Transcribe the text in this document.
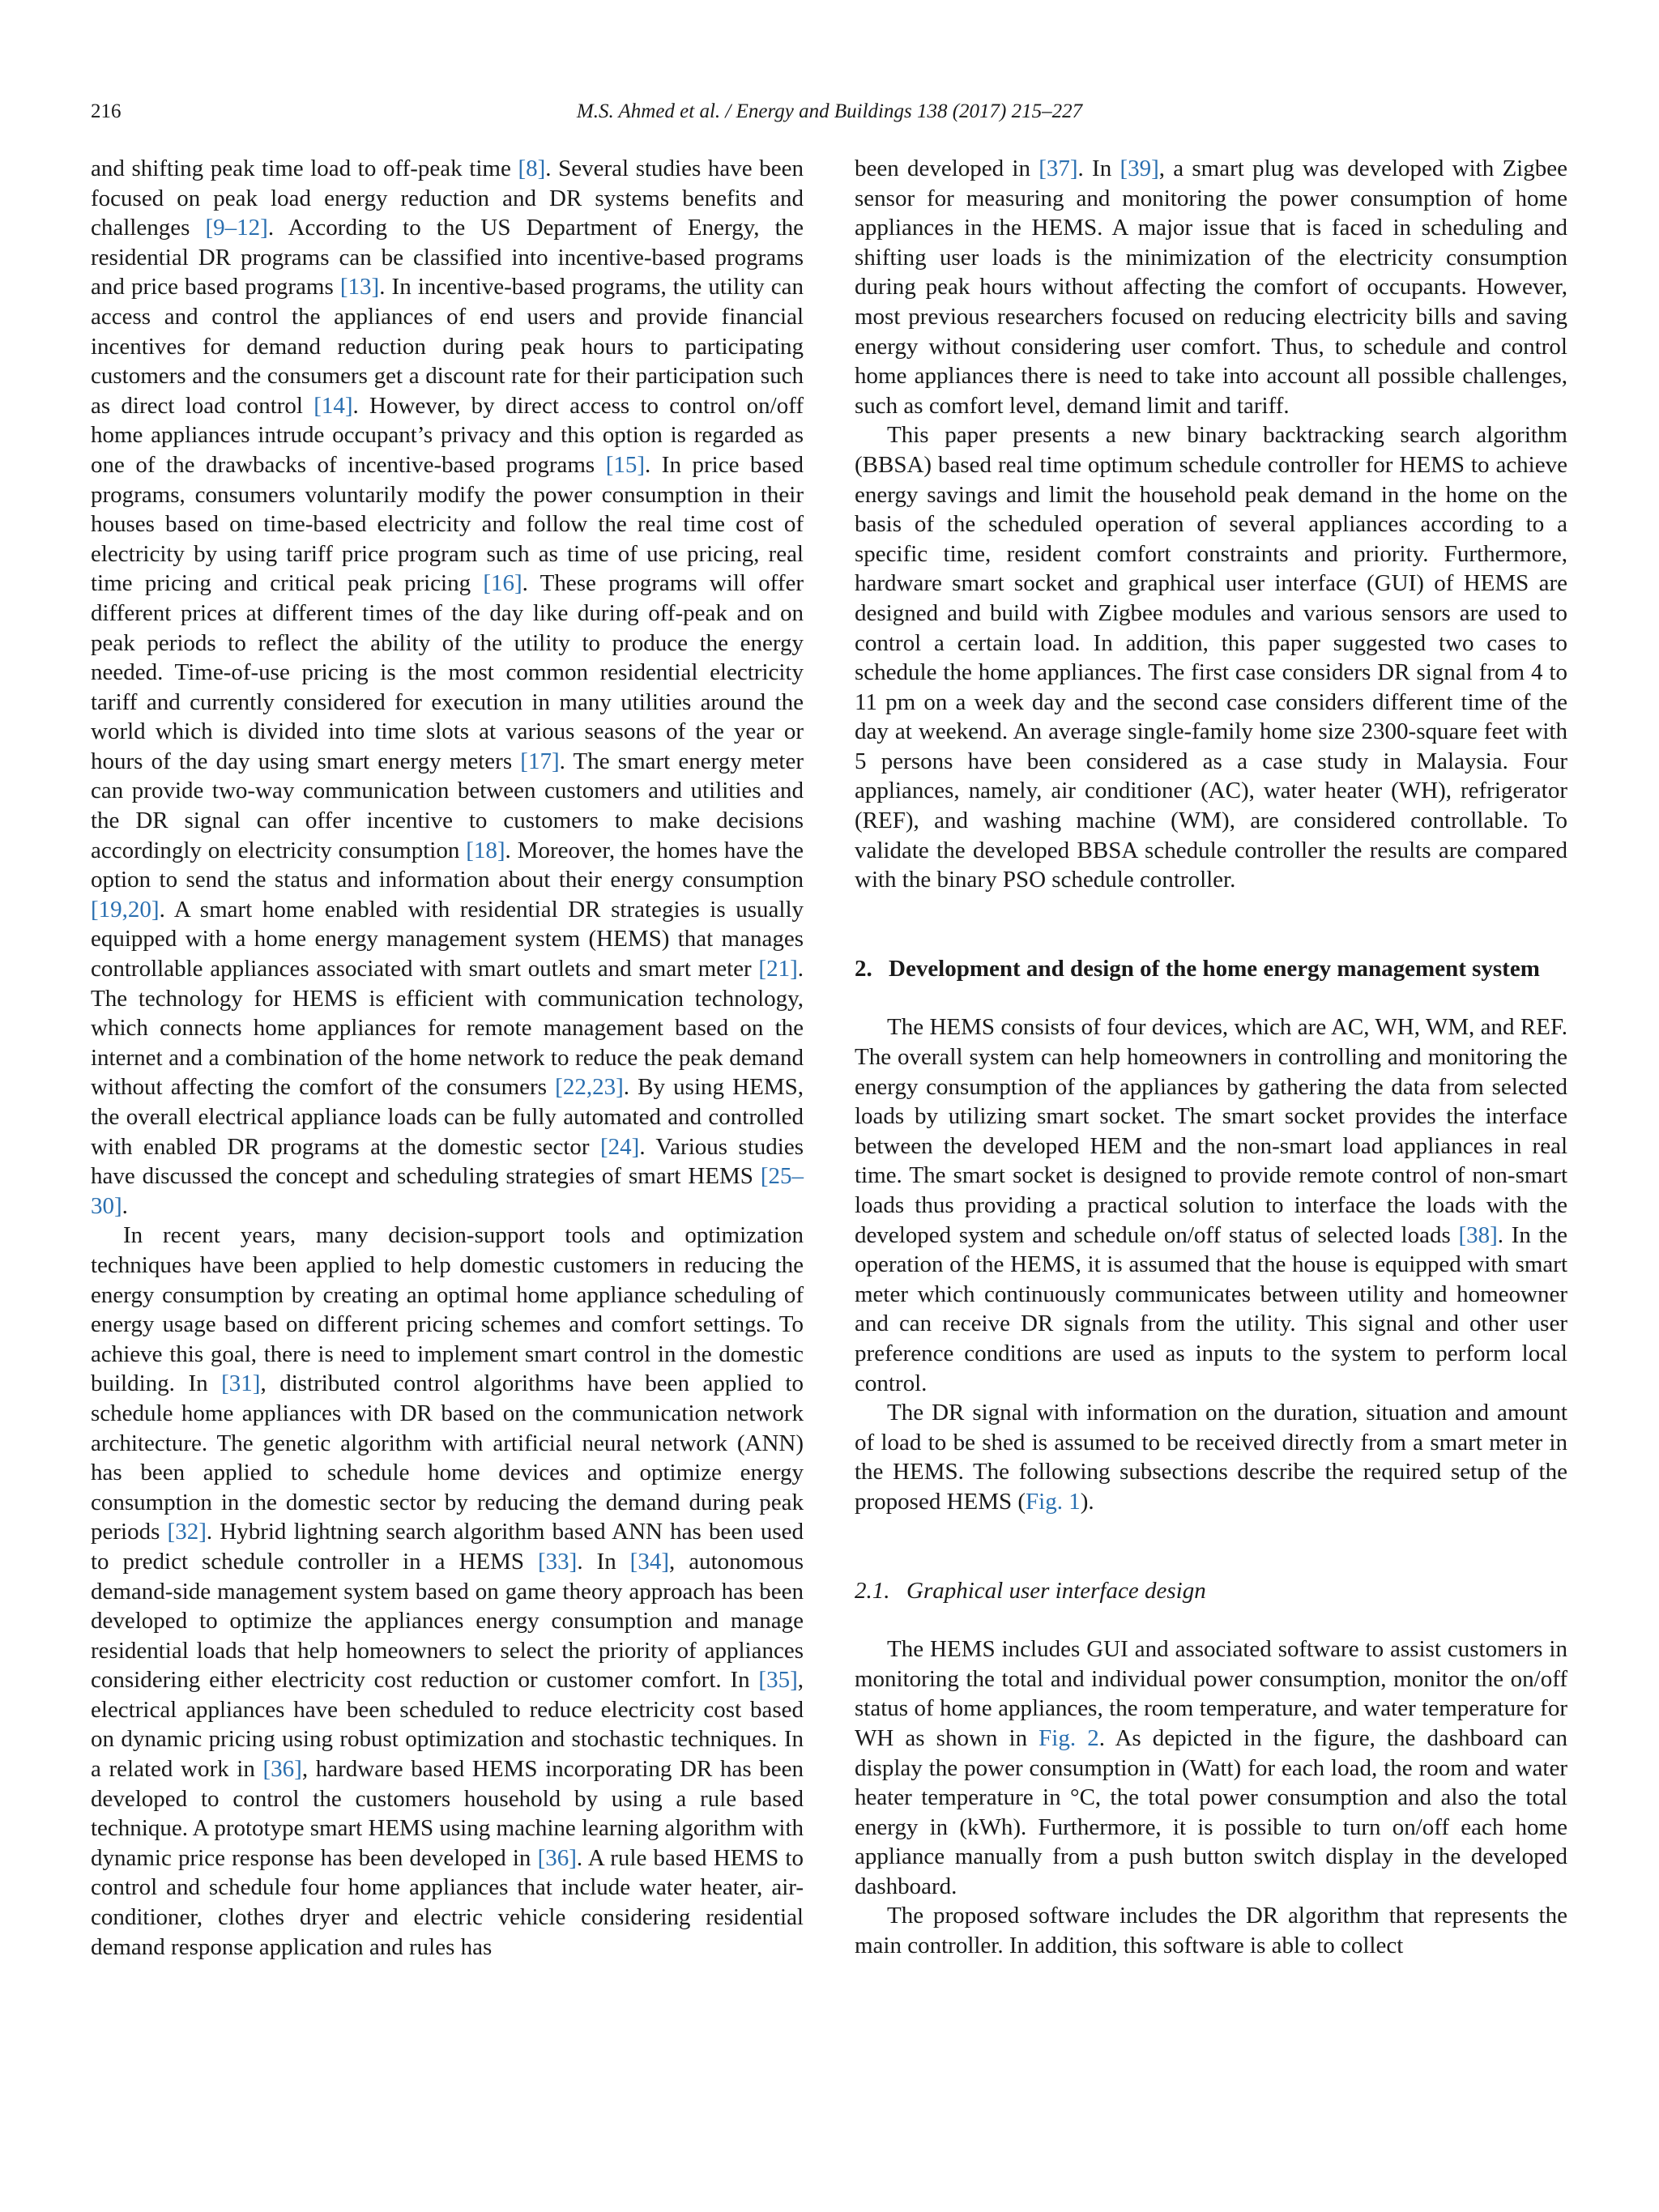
216	M.S. Ahmed et al. / Energy and Buildings 138 (2017) 215–227

and shifting peak time load to off-peak time [8]. Several studies have been focused on peak load energy reduction and DR systems benefits and challenges [9–12]. According to the US Department of Energy, the residential DR programs can be classified into incentive-based programs and price based programs [13]. In incentive-based programs, the utility can access and control the appliances of end users and provide financial incentives for demand reduction during peak hours to participating customers and the consumers get a discount rate for their participation such as direct load control [14]. However, by direct access to control on/off home appliances intrude occupant’s privacy and this option is regarded as one of the drawbacks of incentive-based programs [15]. In price based programs, consumers voluntarily modify the power consumption in their houses based on time-based electricity and follow the real time cost of electricity by using tariff price program such as time of use pricing, real time pricing and critical peak pricing [16]. These programs will offer different prices at different times of the day like during off-peak and on peak periods to reflect the ability of the utility to produce the energy needed. Time-of-use pricing is the most common residential electricity tariff and currently considered for execution in many utilities around the world which is divided into time slots at various seasons of the year or hours of the day using smart energy meters [17]. The smart energy meter can provide two-way communication between customers and utilities and the DR signal can offer incentive to customers to make decisions accordingly on electricity consumption [18]. Moreover, the homes have the option to send the status and information about their energy consumption [19,20]. A smart home enabled with residential DR strategies is usually equipped with a home energy management system (HEMS) that manages controllable appliances associated with smart outlets and smart meter [21]. The technology for HEMS is efficient with communication technology, which connects home appliances for remote management based on the internet and a combination of the home network to reduce the peak demand without affecting the comfort of the consumers [22,23]. By using HEMS, the overall electrical appliance loads can be fully automated and controlled with enabled DR programs at the domestic sector [24]. Various studies have discussed the concept and scheduling strategies of smart HEMS [25–30].

In recent years, many decision-support tools and optimization techniques have been applied to help domestic customers in reducing the energy consumption by creating an optimal home appliance scheduling of energy usage based on different pricing schemes and comfort settings. To achieve this goal, there is need to implement smart control in the domestic building. In [31], distributed control algorithms have been applied to schedule home appliances with DR based on the communication network architecture. The genetic algorithm with artificial neural network (ANN) has been applied to schedule home devices and optimize energy consumption in the domestic sector by reducing the demand during peak periods [32]. Hybrid lightning search algorithm based ANN has been used to predict schedule controller in a HEMS [33]. In [34], autonomous demand-side management system based on game theory approach has been developed to optimize the appliances energy consumption and manage residential loads that help homeowners to select the priority of appliances considering either electricity cost reduction or customer comfort. In [35], electrical appliances have been scheduled to reduce electricity cost based on dynamic pricing using robust optimization and stochastic techniques. In a related work in [36], hardware based HEMS incorporating DR has been developed to control the customers household by using a rule based technique. A prototype smart HEMS using machine learning algorithm with dynamic price response has been developed in [36]. A rule based HEMS to control and schedule four home appliances that include water heater, air-conditioner, clothes dryer and electric vehicle considering residential demand response application and rules has

been developed in [37]. In [39], a smart plug was developed with Zigbee sensor for measuring and monitoring the power consumption of home appliances in the HEMS. A major issue that is faced in scheduling and shifting user loads is the minimization of the electricity consumption during peak hours without affecting the comfort of occupants. However, most previous researchers focused on reducing electricity bills and saving energy without considering user comfort. Thus, to schedule and control home appliances there is need to take into account all possible challenges, such as comfort level, demand limit and tariff.

This paper presents a new binary backtracking search algorithm (BBSA) based real time optimum schedule controller for HEMS to achieve energy savings and limit the household peak demand in the home on the basis of the scheduled operation of several appliances according to a specific time, resident comfort constraints and priority. Furthermore, hardware smart socket and graphical user interface (GUI) of HEMS are designed and build with Zigbee modules and various sensors are used to control a certain load. In addition, this paper suggested two cases to schedule the home appliances. The first case considers DR signal from 4 to 11 pm on a week day and the second case considers different time of the day at weekend. An average single-family home size 2300-square feet with 5 persons have been considered as a case study in Malaysia. Four appliances, namely, air conditioner (AC), water heater (WH), refrigerator (REF), and washing machine (WM), are considered controllable. To validate the developed BBSA schedule controller the results are compared with the binary PSO schedule controller.

2. Development and design of the home energy management system

The HEMS consists of four devices, which are AC, WH, WM, and REF. The overall system can help homeowners in controlling and monitoring the energy consumption of the appliances by gathering the data from selected loads by utilizing smart socket. The smart socket provides the interface between the developed HEM and the non-smart load appliances in real time. The smart socket is designed to provide remote control of non-smart loads thus providing a practical solution to interface the loads with the developed system and schedule on/off status of selected loads [38]. In the operation of the HEMS, it is assumed that the house is equipped with smart meter which continuously communicates between utility and homeowner and can receive DR signals from the utility. This signal and other user preference conditions are used as inputs to the system to perform local control.

The DR signal with information on the duration, situation and amount of load to be shed is assumed to be received directly from a smart meter in the HEMS. The following subsections describe the required setup of the proposed HEMS (Fig. 1).

2.1. Graphical user interface design

The HEMS includes GUI and associated software to assist customers in monitoring the total and individual power consumption, monitor the on/off status of home appliances, the room temperature, and water temperature for WH as shown in Fig. 2. As depicted in the figure, the dashboard can display the power consumption in (Watt) for each load, the room and water heater temperature in °C, the total power consumption and also the total energy in (kWh). Furthermore, it is possible to turn on/off each home appliance manually from a push button switch display in the developed dashboard.

The proposed software includes the DR algorithm that represents the main controller. In addition, this software is able to collect
